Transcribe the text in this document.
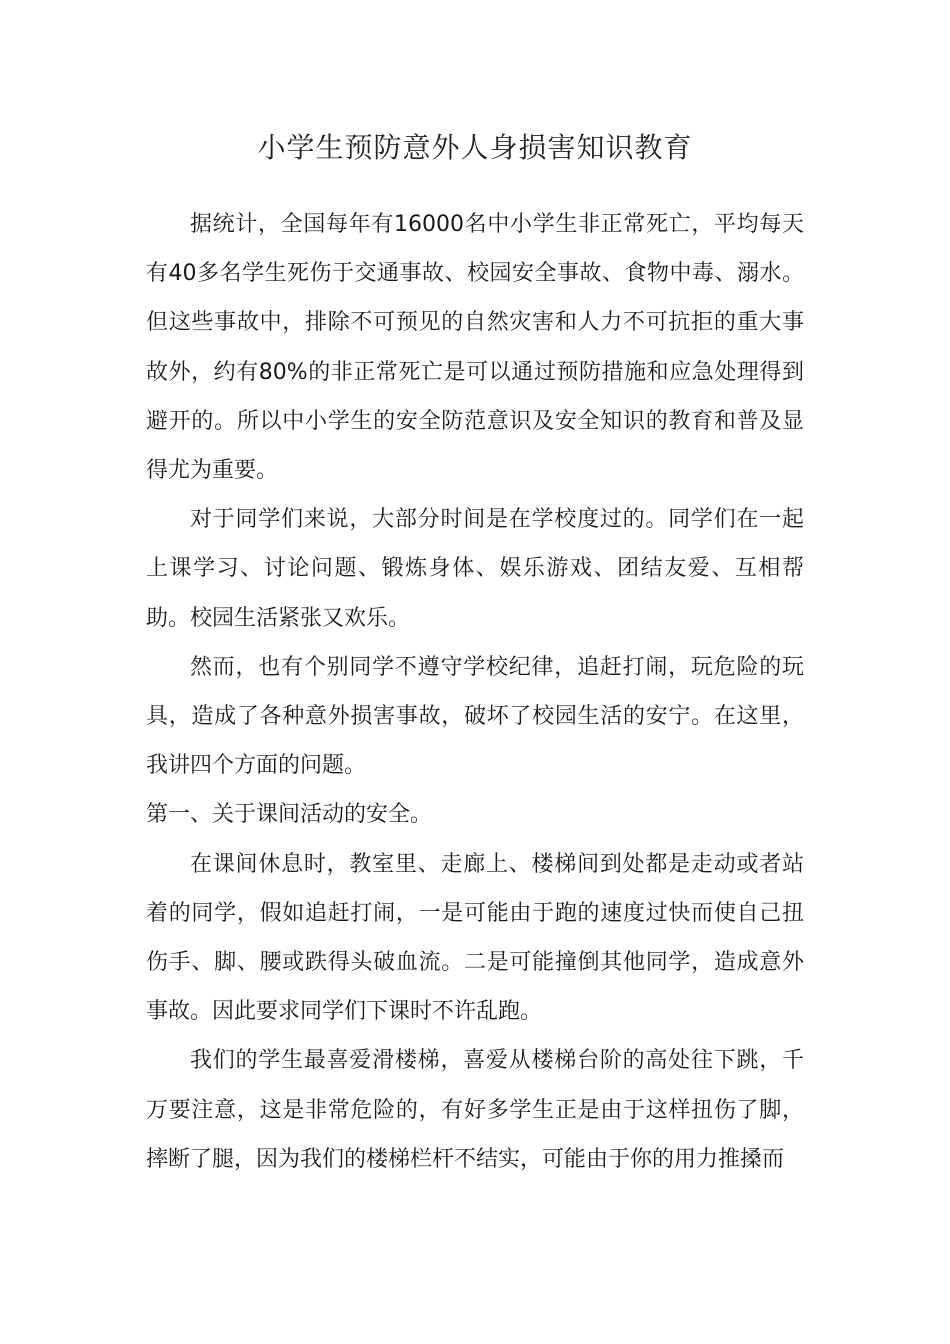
小学生预防意外人身损害知识教育

据统计，全国每年有16000名中小学生非正常死亡，平均每天有40多名学生死伤于交通事故、校园安全事故、食物中毒、溺水。但这些事故中，排除不可预见的自然灾害和人力不可抗拒的重大事故外，约有80%的非正常死亡是可以通过预防措施和应急处理得到避开的。所以中小学生的安全防范意识及安全知识的教育和普及显得尤为重要。

对于同学们来说，大部分时间是在学校度过的。同学们在一起上课学习、讨论问题、锻炼身体、娱乐游戏、团结友爱、互相帮助。校园生活紧张又欢乐。

然而，也有个别同学不遵守学校纪律，追赶打闹，玩危险的玩具，造成了各种意外损害事故，破坏了校园生活的安宁。在这里，我讲四个方面的问题。

第一、关于课间活动的安全。

在课间休息时，教室里、走廊上、楼梯间到处都是走动或者站着的同学，假如追赶打闹，一是可能由于跑的速度过快而使自己扭伤手、脚、腰或跌得头破血流。二是可能撞倒其他同学，造成意外事故。因此要求同学们下课时不许乱跑。

我们的学生最喜爱滑楼梯，喜爱从楼梯台阶的高处往下跳，千万要注意，这是非常危险的，有好多学生正是由于这样扭伤了脚，摔断了腿，因为我们的楼梯栏杆不结实，可能由于你的用力推搡而
